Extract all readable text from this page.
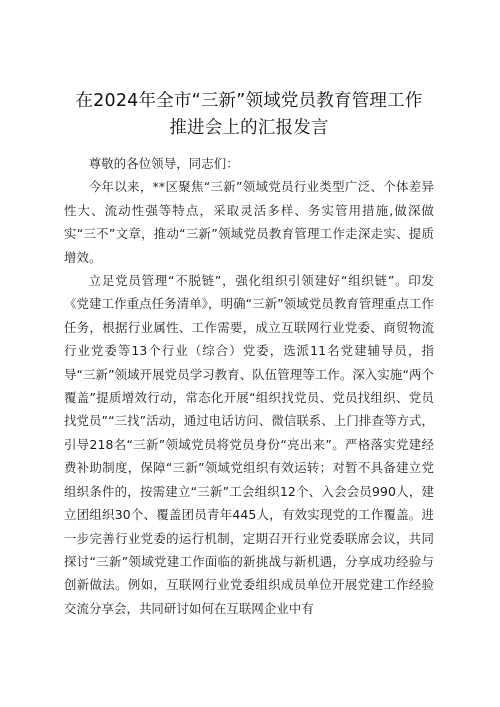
在2024年全市“三新”领域党员教育管理工作
推进会上的汇报发言

尊敬的各位领导，同志们：

今年以来，**区聚焦“三新”领域党员行业类型广泛、个体差异性大、流动性强等特点，采取灵活多样、务实管用措施,做深做实“三不”文章，推动“三新”领域党员教育管理工作走深走实、提质增效。

立足党员管理“不脱链”，强化组织引领建好“组织链”。印发《党建工作重点任务清单》，明确“三新”领域党员教育管理重点工作任务，根据行业属性、工作需要，成立互联网行业党委、商贸物流行业党委等13个行业（综合）党委，选派11名党建辅导员，指导“三新”领域开展党员学习教育、队伍管理等工作。深入实施“两个覆盖”提质增效行动，常态化开展“组织找党员、党员找组织、党员找党员”“三找”活动，通过电话访问、微信联系、上门排查等方式，引导218名“三新”领域党员将党员身份“亮出来”。严格落实党建经费补助制度，保障“三新”领域党组织有效运转；对暂不具备建立党组织条件的，按需建立“三新”工会组织12个、入会会员990人，建立团组织30个、覆盖团员青年445人，有效实现党的工作覆盖。进一步完善行业党委的运行机制，定期召开行业党委联席会议，共同探讨“三新”领域党建工作面临的新挑战与新机遇，分享成功经验与创新做法。例如，互联网行业党委组织成员单位开展党建工作经验交流分享会，共同研讨如何在互联网企业中有
